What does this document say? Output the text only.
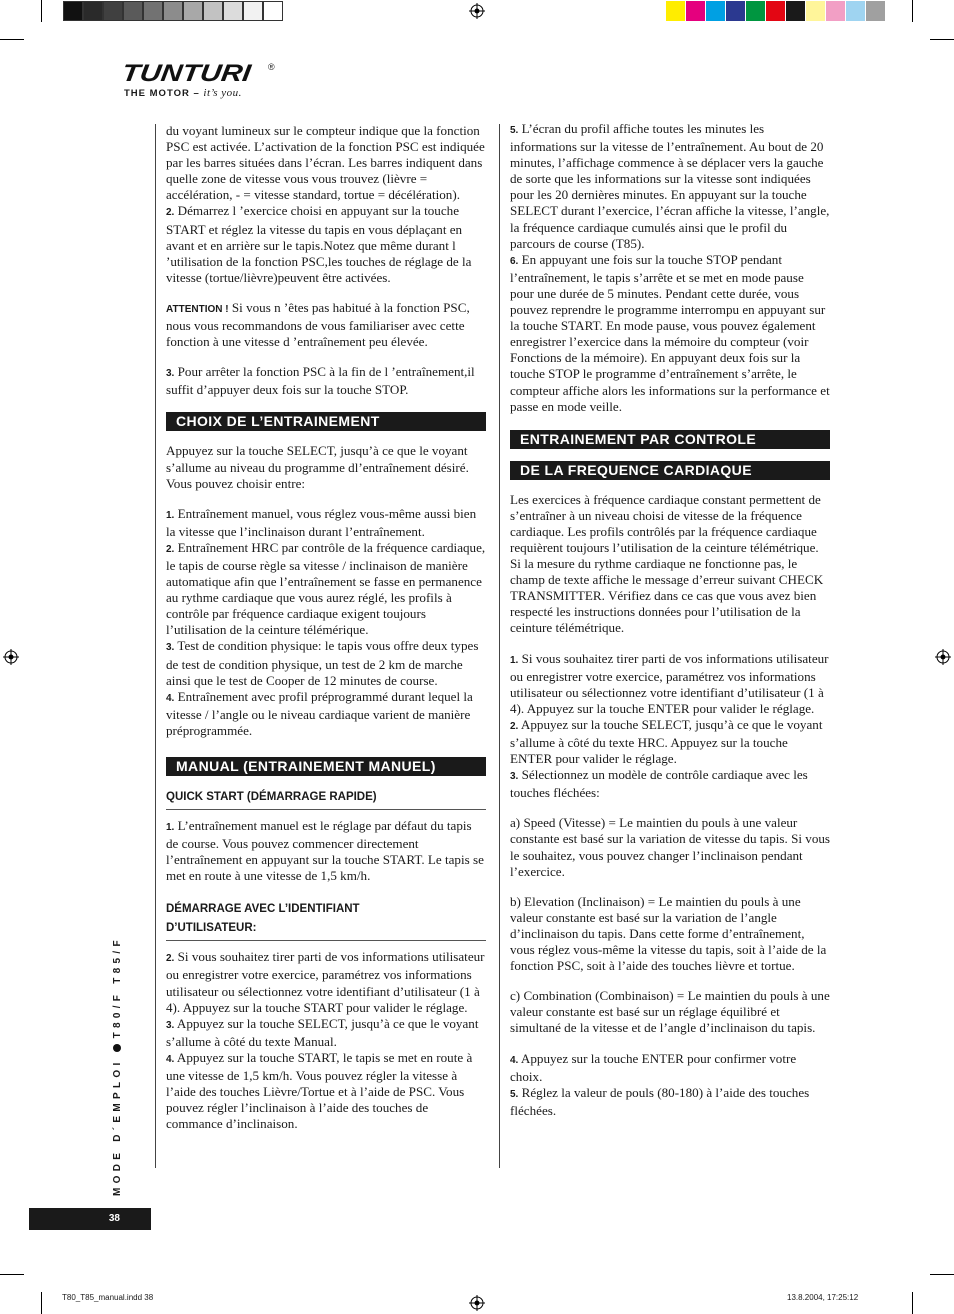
TUNTURI ®
THE MOTOR – it’s you.

du voyant lumineux sur le compteur indique que la fonction PSC est activée. L’activation de la fonction PSC est indiquée par les barres situées dans l’écran. Les barres indiquent dans quelle zone de vitesse vous vous trouvez (lièvre = accélération, - = vitesse standard, tortue = décélération).

2. Démarrez l ’exercice choisi en appuyant sur la touche START et réglez la vitesse du tapis en vous déplaçant en avant et en arrière sur le tapis.Notez que même durant l ’utilisation de la fonction PSC,les touches de réglage de la vitesse (tortue/lièvre)peuvent être activées.

ATTENTION ! Si vous n ’êtes pas habitué à la fonction PSC, nous vous recommandons de vous familiariser avec cette fonction à une vitesse d ’entraînement peu élevée.

3. Pour arrêter la fonction PSC à la fin de l ’entraînement,il suffit d’appuyer deux fois sur la touche STOP.

CHOIX DE L’ENTRAINEMENT

Appuyez sur la touche SELECT, jusqu’à ce que le voyant s’allume au niveau du programme dl’entraînement désiré. Vous pouvez choisir entre:

1. Entraînement manuel, vous réglez vous-même aussi bien la vitesse que l’inclinaison durant l’entraînement.

2. Entraînement HRC par contrôle de la fréquence cardiaque, le tapis de course règle sa vitesse / inclinaison de manière automatique afin que l’entraînement se fasse en permanence au rythme cardiaque que vous aurez réglé, les profils à contrôle par fréquence cardiaque exigent toujours l’utilisation de la ceinture télémérique.

3. Test de condition physique: le tapis vous offre deux types de test de condition physique, un test de 2 km de marche ainsi que le test de Cooper de 12 minutes de course.

4. Entraînement avec profil préprogrammé durant lequel la vitesse / l’angle ou le niveau cardiaque varient de manière préprogrammée.

MANUAL (ENTRAINEMENT MANUEL)
QUICK START (DÉMARRAGE RAPIDE)

1. L’entraînement manuel est le réglage par défaut du tapis de course. Vous pouvez commencer directement l’entraînement en appuyant sur la touche START. Le tapis se met en route à une vitesse de 1,5 km/h.

DÉMARRAGE AVEC L’IDENTIFIANT
D’UTILISATEUR:

2. Si vous souhaitez tirer parti de vos informations utilisateur ou enregistrer votre exercice, paramétrez vos informations utilisateur ou sélectionnez votre identifiant d’utilisateur (1 à 4). Appuyez sur la touche START pour valider le réglage.

3. Appuyez sur la touche SELECT, jusqu’à ce que le voyant s’allume à côté du texte Manual.

4. Appuyez sur la touche START, le tapis se met en route à une vitesse de 1,5 km/h. Vous pouvez régler la vitesse à l’aide des touches Lièvre/Tortue et à l’aide de PSC. Vous pouvez régler l’inclinaison à l’aide des touches de commance d’inclinaison.

5. L’écran du profil affiche toutes les minutes les informations sur la vitesse de l’entraînement. Au bout de 20 minutes, l’affichage commence à se déplacer vers la gauche de sorte que les informations sur la vitesse sont indiquées pour les 20 dernières minutes. En appuyant sur la touche SELECT durant l’exercice, l’écran affiche la vitesse, l’angle, la fréquence cardiaque cumulés ainsi que le profil du parcours de course (T85).

6. En appuyant une fois sur la touche STOP pendant l’entraînement, le tapis s’arrête et se met en mode pause pour une durée de 5 minutes. Pendant cette durée, vous pouvez reprendre le programme interrompu en appuyant sur la touche START. En mode pause, vous pouvez également enregistrer l’exercice dans la mémoire du compteur (voir Fonctions de la mémoire). En appuyant deux fois sur la touche STOP le programme d’entraînement s’arrête, le compteur affiche alors les informations sur la performance et passe en mode veille.

ENTRAINEMENT PAR CONTROLE
DE LA FREQUENCE CARDIAQUE

Les exercices à fréquence cardiaque constant permettent de s’entraîner à un niveau choisi de vitesse de la fréquence cardiaque. Les profils contrôlés par la fréquence cardiaque requièrent toujours l’utilisation de la ceinture télémétrique. Si la mesure du rythme cardiaque ne fonctionne pas, le champ de texte affiche le message d’erreur suivant CHECK TRANSMITTER. Vérifiez dans ce cas que vous avez bien respecté les instructions données pour l’utilisation de la ceinture télémétrique.

1. Si vous souhaitez tirer parti de vos informations utilisateur ou enregistrer votre exercice, paramétrez vos informations utilisateur ou sélectionnez votre identifiant d’utilisateur (1 à 4). Appuyez sur la touche ENTER pour valider le réglage.

2. Appuyez sur la touche SELECT, jusqu’à ce que le voyant s’allume à côté du texte HRC. Appuyez sur la touche ENTER pour valider le réglage.

3. Sélectionnez un modèle de contrôle cardiaque avec les touches fléchées:

a) Speed (Vitesse) = Le maintien du pouls à une valeur constante est basé sur la variation de vitesse du tapis. Si vous le souhaitez, vous pouvez changer l’inclinaison pendant l’exercice.

b) Elevation (Inclinaison) = Le maintien du pouls à une valeur constante est basé sur la variation de l’angle d’inclinaison du tapis. Dans cette forme d’entraînement, vous réglez vous-même la vitesse du tapis, soit à l’aide de la fonction PSC, soit à l’aide des touches lièvre et tortue.

c) Combination (Combinaison) = Le maintien du pouls à une valeur constante est basé sur un réglage équilibré et simultané de la vitesse et de l’angle d’inclinaison du tapis.

4. Appuyez sur la touche ENTER pour confirmer votre choix.

5. Réglez la valeur de pouls (80-180) à l’aide des touches fléchées.

MODE D´EMPLOIT80/F T85/F
38
T80_T85_manual.indd 38	13.8.2004, 17:25:12
